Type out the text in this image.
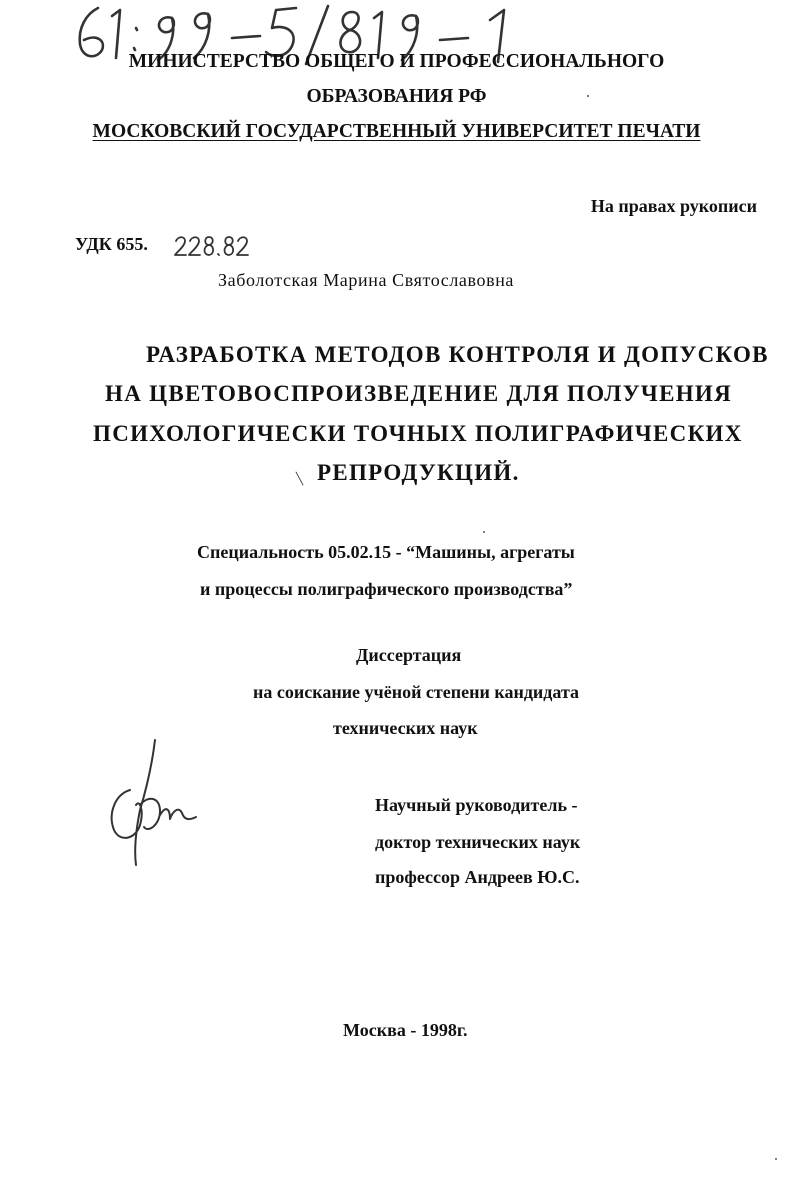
МИНИСТЕРСТВО ОБЩЕГО И ПРОФЕССИОНАЛЬНОГО
ОБРАЗОВАНИЯ РФ
МОСКОВСКИЙ ГОСУДАРСТВЕННЫЙ УНИВЕРСИТЕТ ПЕЧАТИ
На правах рукописи
УДК 655.
Заболотская Марина Святославовна
РАЗРАБОТКА МЕТОДОВ КОНТРОЛЯ И ДОПУСКОВ
НА ЦВЕТОВОСПРОИЗВЕДЕНИЕ ДЛЯ ПОЛУЧЕНИЯ
ПСИХОЛОГИЧЕСКИ ТОЧНЫХ ПОЛИГРАФИЧЕСКИХ
РЕПРОДУКЦИЙ.
Специальность 05.02.15 - “Машины, агрегаты
и процессы полиграфического производства”
Диссертация
на соискание учёной степени кандидата
технических наук
Научный руководитель -
доктор технических наук
профессор Андреев Ю.С.
Москва - 1998г.
